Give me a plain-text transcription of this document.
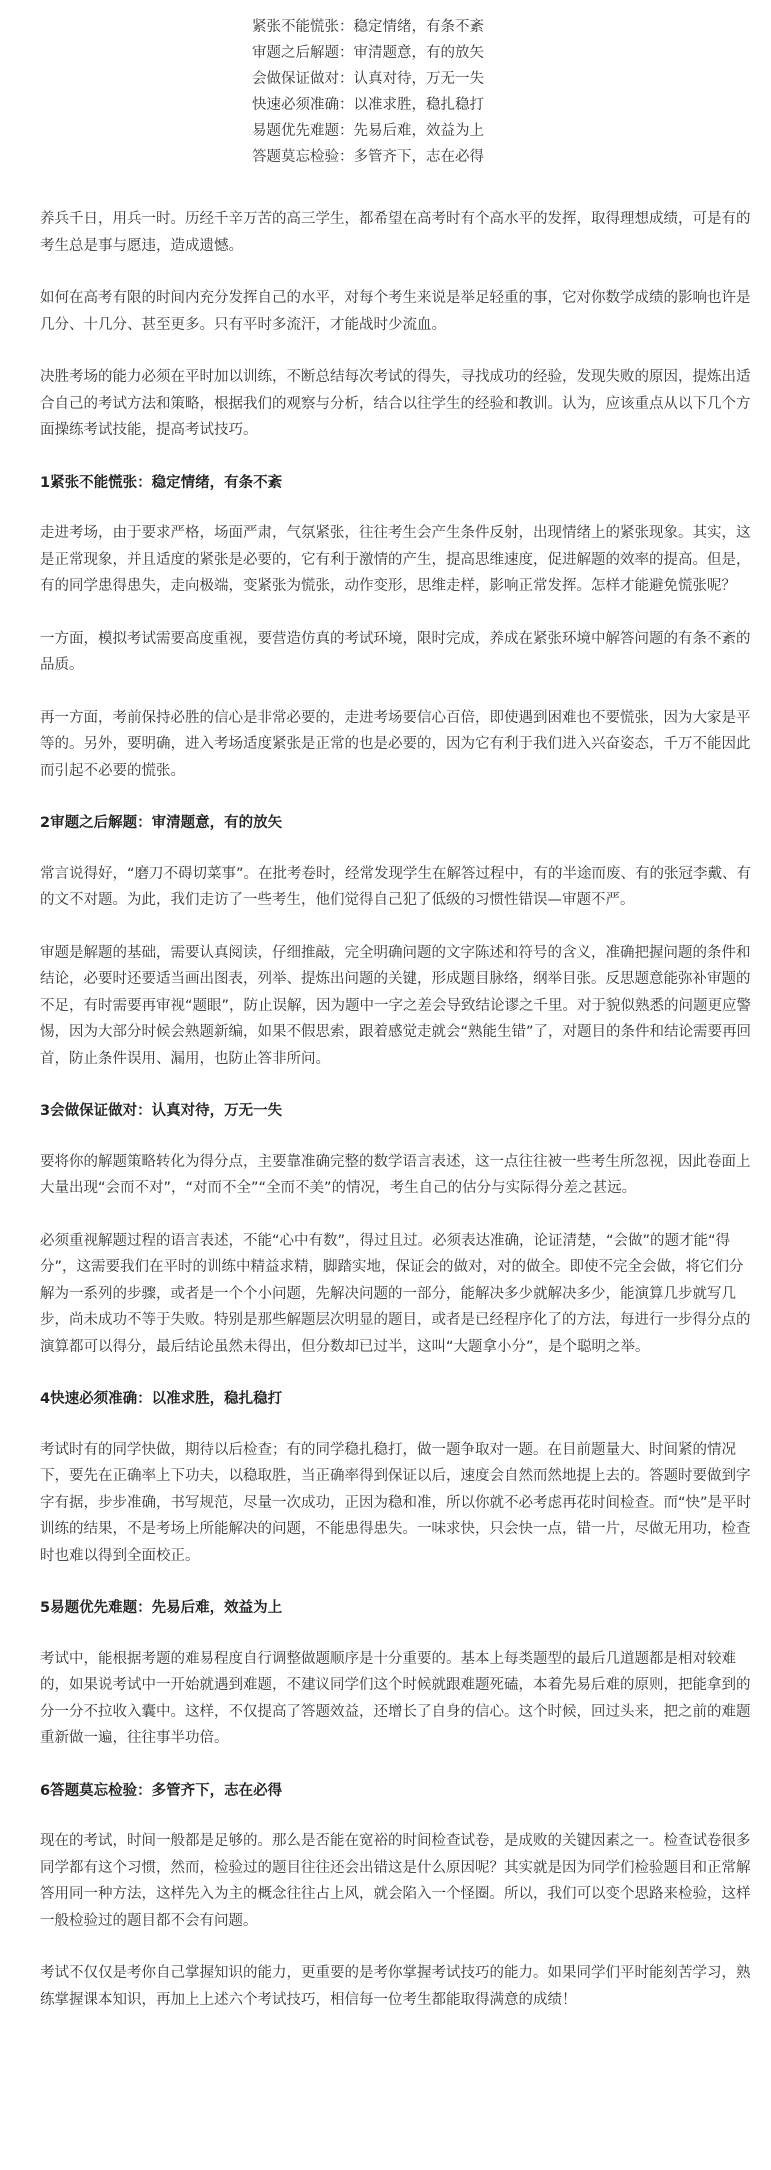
紧张不能慌张：稳定情绪，有条不紊
审题之后解题：审清题意，有的放矢
会做保证做对：认真对待，万无一失
快速必须准确：以准求胜，稳扎稳打
易题优先难题：先易后难，效益为上
答题莫忘检验：多管齐下，志在必得

养兵千日，用兵一时。历经千辛万苦的高三学生，都希望在高考时有个高水平的发挥，取得理想成绩，可是有的考生总是事与愿违，造成遗憾。

如何在高考有限的时间内充分发挥自己的水平，对每个考生来说是举足轻重的事，它对你数学成绩的影响也许是几分、十几分、甚至更多。只有平时多流汗，才能战时少流血。

决胜考场的能力必须在平时加以训练，不断总结每次考试的得失，寻找成功的经验，发现失败的原因，提炼出适合自己的考试方法和策略，根据我们的观察与分析，结合以往学生的经验和教训。认为，应该重点从以下几个方面操练考试技能，提高考试技巧。

1紧张不能慌张：稳定情绪，有条不紊

走进考场，由于要求严格，场面严肃，气氛紧张，往往考生会产生条件反射，出现情绪上的紧张现象。其实，这是正常现象，并且适度的紧张是必要的，它有利于激情的产生，提高思维速度，促进解题的效率的提高。但是，有的同学患得患失，走向极端，变紧张为慌张，动作变形，思维走样，影响正常发挥。怎样才能避免慌张呢？

一方面，模拟考试需要高度重视，要营造仿真的考试环境，限时完成，养成在紧张环境中解答问题的有条不紊的品质。

再一方面，考前保持必胜的信心是非常必要的，走进考场要信心百倍，即使遇到困难也不要慌张，因为大家是平等的。另外，要明确，进入考场适度紧张是正常的也是必要的，因为它有利于我们进入兴奋姿态，千万不能因此而引起不必要的慌张。

2审题之后解题：审清题意，有的放矢

常言说得好，“磨刀不碍切菜事”。在批考卷时，经常发现学生在解答过程中，有的半途而废、有的张冠李戴、有的文不对题。为此，我们走访了一些考生，他们觉得自己犯了低级的习惯性错误—审题不严。

审题是解题的基础，需要认真阅读，仔细推敲，完全明确问题的文字陈述和符号的含义，准确把握问题的条件和结论，必要时还要适当画出图表，列举、提炼出问题的关键，形成题目脉络，纲举目张。反思题意能弥补审题的不足，有时需要再审视“题眼”，防止误解，因为题中一字之差会导致结论谬之千里。对于貌似熟悉的问题更应警惕，因为大部分时候会熟题新编，如果不假思索，跟着感觉走就会“熟能生错”了，对题目的条件和结论需要再回首，防止条件误用、漏用，也防止答非所问。

3会做保证做对：认真对待，万无一失

要将你的解题策略转化为得分点，主要靠准确完整的数学语言表述，这一点往往被一些考生所忽视，因此卷面上大量出现“会而不对”，“对而不全”“全而不美”的情况，考生自己的估分与实际得分差之甚远。

必须重视解题过程的语言表述，不能“心中有数”，得过且过。必须表达准确，论证清楚，“会做”的题才能“得分”，这需要我们在平时的训练中精益求精，脚踏实地，保证会的做对，对的做全。即使不完全会做，将它们分解为一系列的步骤，或者是一个个小问题，先解决问题的一部分，能解决多少就解决多少，能演算几步就写几步，尚未成功不等于失败。特别是那些解题层次明显的题目，或者是已经程序化了的方法，每进行一步得分点的演算都可以得分，最后结论虽然未得出，但分数却已过半，这叫“大题拿小分”，是个聪明之举。

4快速必须准确：以准求胜，稳扎稳打

考试时有的同学快做，期待以后检查；有的同学稳扎稳打，做一题争取对一题。在目前题量大、时间紧的情况下，要先在正确率上下功夫，以稳取胜，当正确率得到保证以后，速度会自然而然地提上去的。答题时要做到字字有据，步步准确，书写规范，尽量一次成功，正因为稳和准，所以你就不必考虑再花时间检查。而“快”是平时训练的结果，不是考场上所能解决的问题，不能患得患失。一味求快，只会快一点，错一片，尽做无用功，检查时也难以得到全面校正。

5易题优先难题：先易后难，效益为上

考试中，能根据考题的难易程度自行调整做题顺序是十分重要的。基本上每类题型的最后几道题都是相对较难的，如果说考试中一开始就遇到难题，不建议同学们这个时候就跟难题死磕，本着先易后难的原则，把能拿到的分一分不拉收入囊中。这样，不仅提高了答题效益，还增长了自身的信心。这个时候，回过头来，把之前的难题重新做一遍，往往事半功倍。

6答题莫忘检验：多管齐下，志在必得

现在的考试，时间一般都是足够的。那么是否能在宽裕的时间检查试卷，是成败的关键因素之一。检查试卷很多同学都有这个习惯，然而，检验过的题目往往还会出错这是什么原因呢？其实就是因为同学们检验题目和正常解答用同一种方法，这样先入为主的概念往往占上风，就会陷入一个怪圈。所以，我们可以变个思路来检验，这样一般检验过的题目都不会有问题。

考试不仅仅是考你自己掌握知识的能力，更重要的是考你掌握考试技巧的能力。如果同学们平时能刻苦学习，熟练掌握课本知识，再加上上述六个考试技巧，相信每一位考生都能取得满意的成绩！
